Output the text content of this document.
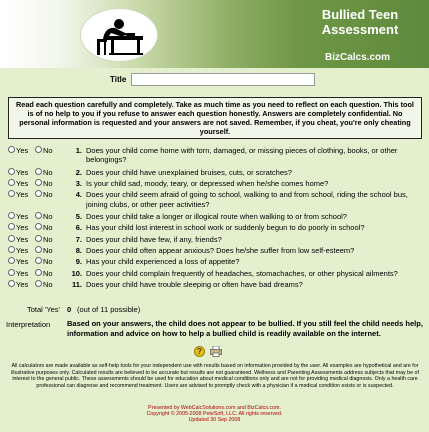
Bullied Teen
Assessment
BizCalcs.com
Title
Read each question carefully and completely. Take as much time as you need to reflect on each question. This tool is of no help to you if you refuse to answer each question honestly. Answers are completely confidential. No personal information is requested and your answers are not saved. Remember, if you cheat, you're only cheating yourself.
Yes No	1. Does your child come home with torn, damaged, or missing pieces of clothing, books, or other belongings?
Yes No	2. Does your child have unexplained bruises, cuts, or scratches?
Yes No	3. Is your child sad, moody, teary, or depressed when he/she comes home?
Yes No	4. Does your child seem afraid of going to school, walking to and from school, riding the school bus, joining clubs, or other peer activities?
Yes No	5. Does your child take a longer or illogical route when walking to or from school?
Yes No	6. Has your child lost interest in school work or suddenly begun to do poorly in school?
Yes No	7. Does your child have few, if any, friends?
Yes No	8. Does your child often appear anxious? Does he/she suffer from low self-esteem?
Yes No	9. Has your child experienced a loss of appetite?
Yes No	10. Does your child complain frequently of headaches, stomachaches, or other physical ailments?
Yes No	11. Does your child have trouble sleeping or often have bad dreams?
Total 'Yes' 0 (out of 11 possible)
Interpretation	Based on your answers, the child does not appear to be bullied. If you still feel the child needs help, information and advice on how to help a bullied child is readily available on the internet.
?
All calculators are made available as self-help tools for your independent use with results based on information provided by the user. All examples are hypothetical and are for illustrative purposes only. Calculated results are believed to be accurate but results are not guaranteed. Wellness and Parenting Assessments address subjects that may be of interest to the general public. These assessments should be used for education about medical conditions only and are not for providing medical diagnosis. Only a health care professional can diagnose and recommend treatment. Users are advised to promptly check with a physician if a medical condition exists or is suspected.
Presented by WebCalcSolutions.com and BizCalcs.com.
Copyright © 2005-2008 PeteSoft, LLC. All rights reserved.
Updated 30 Sep 2008
